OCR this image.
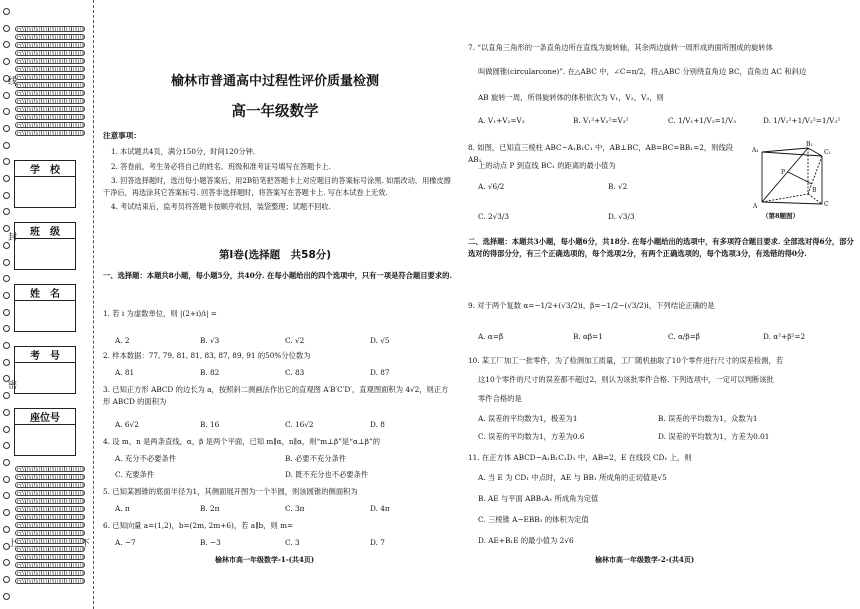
线
学　校
班　级
封
姓　名
考　号
密
座位号
上	下
榆林市普通高中过程性评价质量检测
高一年级数学
注意事项：

1. 本试题共4页，满分150分，时间120分钟.

2. 答卷前，考生务必将自己的姓名、班级和准考证号填写在答题卡上.

3. 回答选择题时，选出每小题答案后，用2B铅笔把答题卡上对应题目的答案标号涂黑. 如需改动，用橡皮擦干净后，再选涂其它答案标号. 回答非选择题时，将答案写在答题卡上. 写在本试卷上无效.

4. 考试结束后，监考员将答题卡按顺序收回，装袋整理；试题不回收.

第Ⅰ卷(选择题　共58分)
一、选择题：本题共8小题，每小题5分，共40分. 在每小题给出的四个选项中，只有一项是符合题目要求的.
1. 若 i 为虚数单位，则 |(2+i)/i| =
A. 2	B. √3	C. √2	D. √5
2. 样本数据：77, 79, 81, 81, 83, 87, 89, 91 的50%分位数为
A. 81	B. 82	C. 83	D. 87
3. 已知正方形 ABCD 的边长为 a，按照斜二测画法作出它的直观图 A′B′C′D′，直观图面积为 4√2，则正方形 ABCD 的面积为
A. 6√2	B. 16	C. 16√2	D. 8
4. 设 m，n 是两条直线，α，β 是两个平面，已知 m∥α，n∥α，则“m⊥β”是“α⊥β”的
A. 充分不必要条件	B. 必要不充分条件
C. 充要条件	D. 既不充分也不必要条件
5. 已知某圆锥的底面半径为1，其侧面展开图为一个半圆，则该圆锥的侧面积为
A. π	B. 2π	C. 3π	D. 4π
6. 已知向量 a=(1,2)，b=(2m, 2m+6)，若 a∥b，则 m=
A. −7	B. −3	C. 3	D. 7
榆林市高一年级数学-1-(共4页)
7. “以直角三角形的一条直角边所在直线为旋转轴，其余两边旋转一周形成的面所围成的旋转体
叫做圆锥(circularcone)”. 在△ABC 中，∠C=π/2，将△ABC 分别绕直角边 BC，直角边 AC 和斜边
AB 旋转一周，所得旋转体的体积依次为 V₁，V₂，V₃，则
A. V₁+V₂=V₃	B. V₁²+V₂²=V₃²	C. 1/V₁+1/V₂=1/V₃	D. 1/V₁²+1/V₂²=1/V₃²
8. 如图，已知直三棱柱 ABC−A₁B₁C₁ 中，AB⊥BC，AB=BC=BB₁=2，则线段 AB₁
上的动点 P 到直线 BC₁ 的距离的最小值为
A. √6/2	B. √2
C. 2√3/3	D. √3/3
A₁
B₁
C₁
P
A
B
C
（第8题图）
二、选择题：本题共3小题，每小题6分，共18分. 在每小题给出的选项中，有多项符合题目要求. 全部选对得6分，部分选对的得部分分，有三个正确选项的，每个选项2分，有两个正确选项的，每个选项3分，有选错的得0分.
9. 对于两个复数 α=−1/2+(√3/2)i，β=−1/2−(√3/2)i，下列结论正确的是
A. α=β̄	B. αβ=1	C. α/β=β̄	D. α²+β²=2
10. 某工厂加工一批零件，为了检测加工质量，工厂随机抽取了10个零件进行尺寸的误差检测，若
这10个零件的尺寸的误差都不超过2，则认为该批零件合格. 下列选项中，一定可以判断该批
零件合格的是
A. 误差的平均数为1，极差为1	B. 误差的平均数为1，众数为1
C. 误差的平均数为1，方差为0.6	D. 误差的平均数为1，方差为0.01
11. 在正方体 ABCD−A₁B₁C₁D₁ 中，AB=2，E 在线段 CD₁ 上，则
A. 当 E 为 CD₁ 中点时，AE 与 BB₁ 所成角的正切值是√5
B. AE 与平面 ABB₁A₁ 所成角为定值
C. 三棱锥 A−EBB₁ 的体积为定值
D. AE+B₁E 的最小值为 2√6
榆林市高一年级数学-2-(共4页)
